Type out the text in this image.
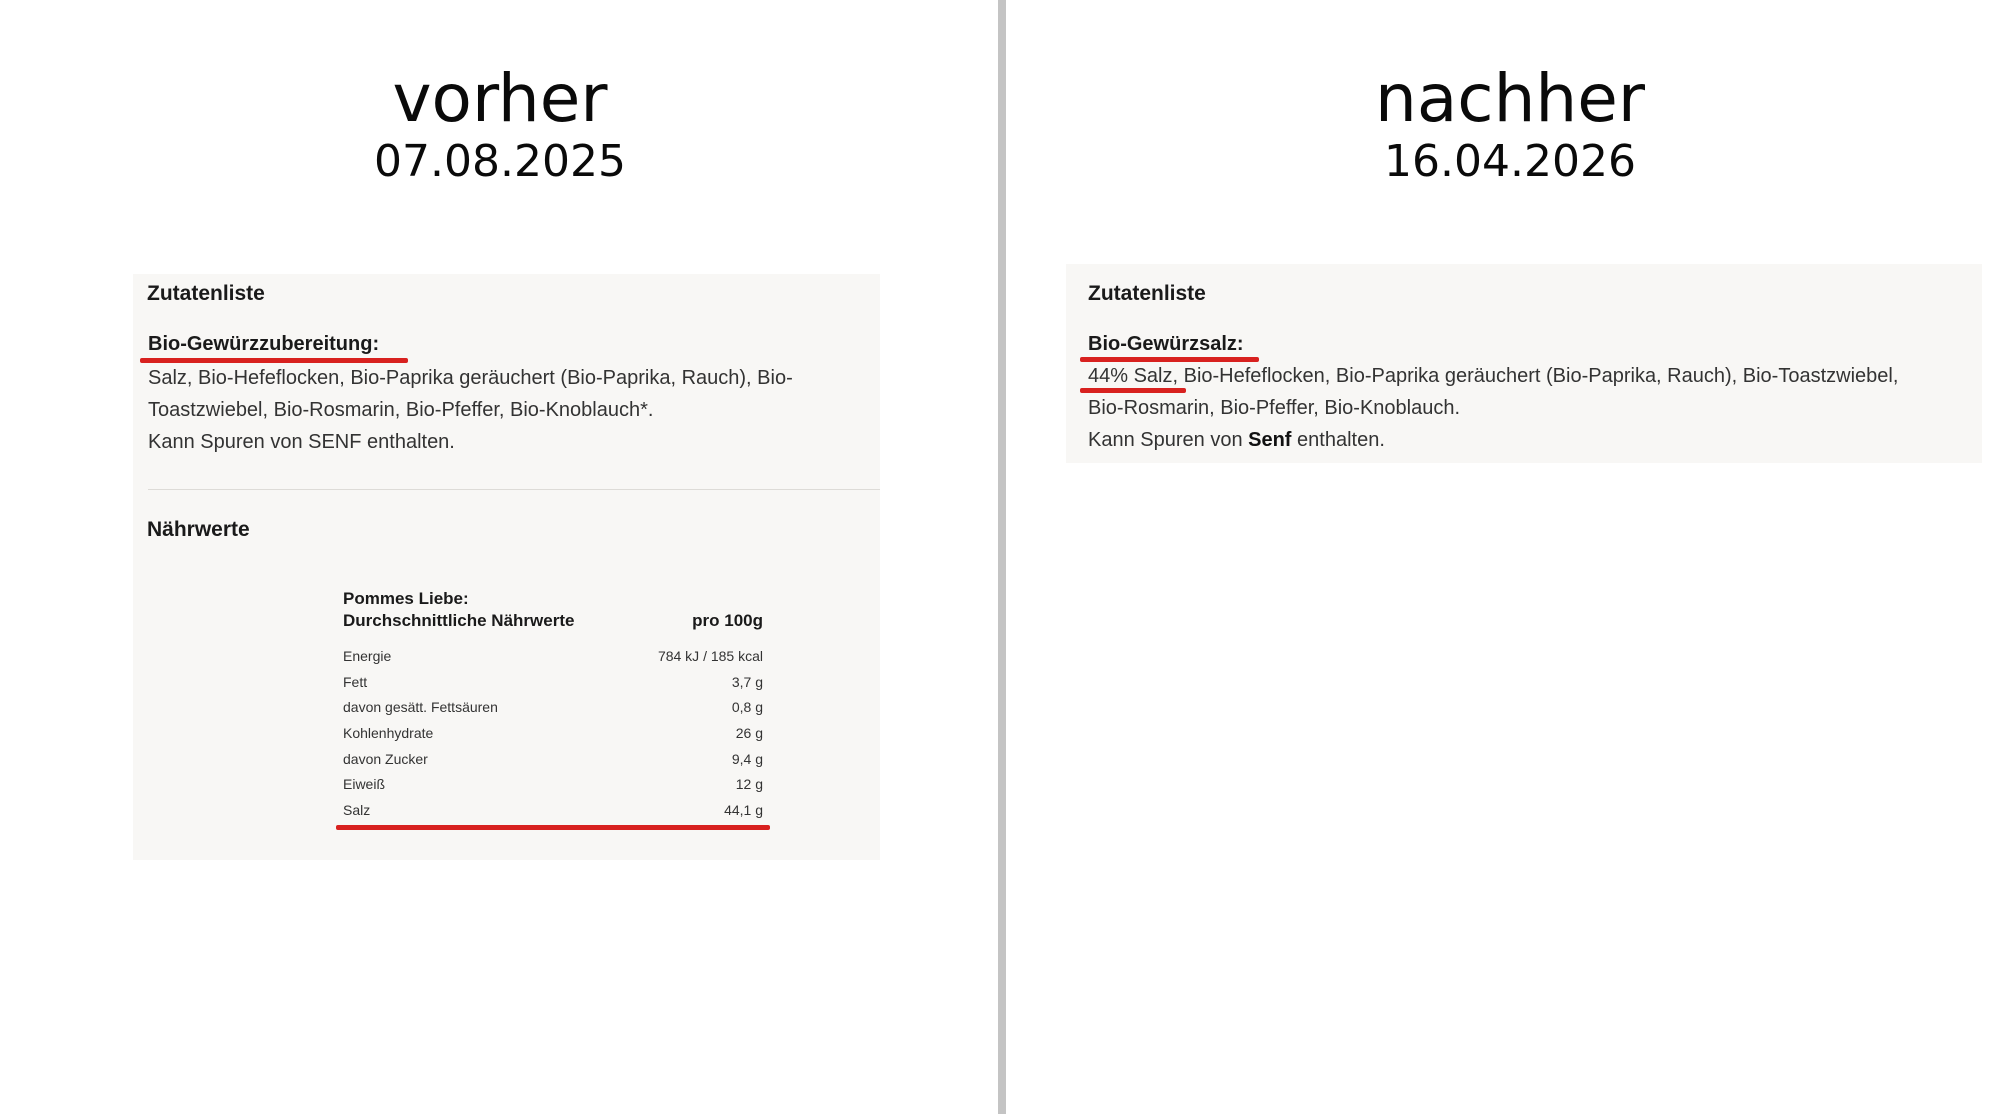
vorher
07.08.2025
Zutatenliste
Bio-Gewürzzubereitung:
Salz, Bio-Hefeflocken, Bio-Paprika geräuchert (Bio-Paprika, Rauch), Bio-
Toastzwiebel, Bio-Rosmarin, Bio-Pfeffer, Bio-Knoblauch*.
Kann Spuren von SENF enthalten.
Nährwerte
Pommes Liebe:
Durchschnittliche Nährwerte	pro 100g
Energie	784 kJ / 185 kcal
Fett	3,7 g
davon gesätt. Fettsäuren	0,8 g
Kohlenhydrate	26 g
davon Zucker	9,4 g
Eiweiß	12 g
Salz	44,1 g
nachher
16.04.2026
Zutatenliste
Bio-Gewürzsalz:
44% Salz, Bio-Hefeflocken, Bio-Paprika geräuchert (Bio-Paprika, Rauch), Bio-Toastzwiebel,
Bio-Rosmarin, Bio-Pfeffer, Bio-Knoblauch.
Kann Spuren von Senf enthalten.
